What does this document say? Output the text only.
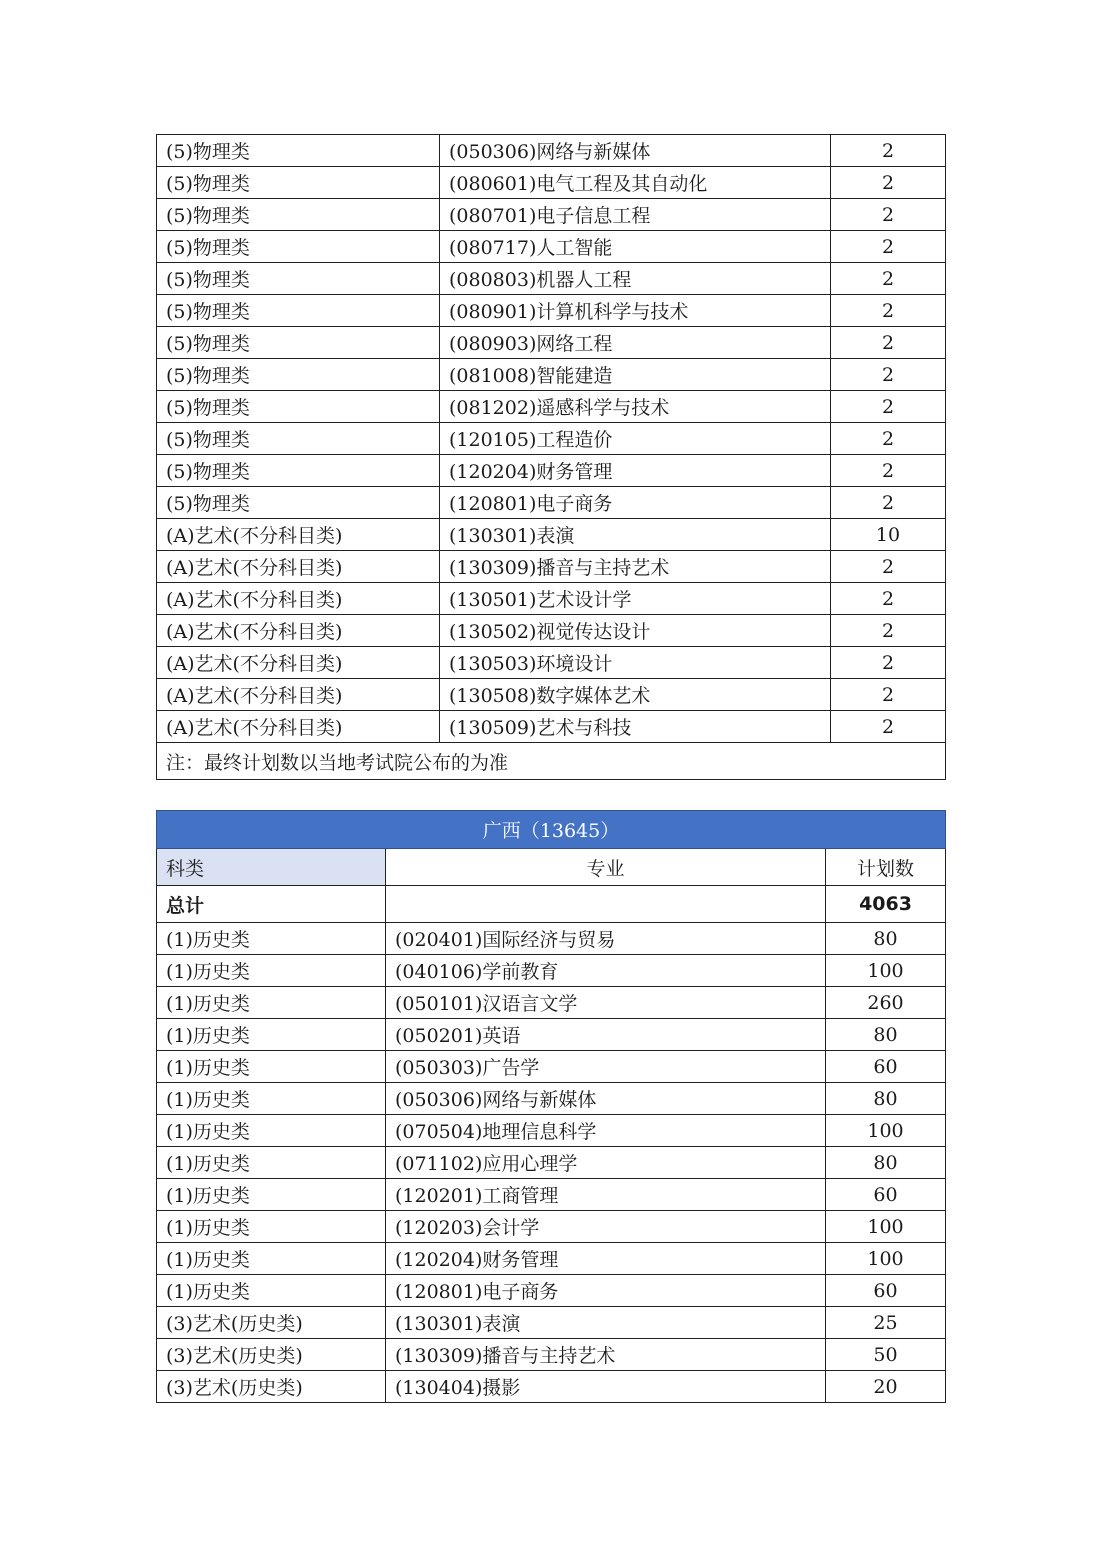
(5)物理类	(050306)网络与新媒体	2
(5)物理类	(080601)电气工程及其自动化	2
(5)物理类	(080701)电子信息工程	2
(5)物理类	(080717)人工智能	2
(5)物理类	(080803)机器人工程	2
(5)物理类	(080901)计算机科学与技术	2
(5)物理类	(080903)网络工程	2
(5)物理类	(081008)智能建造	2
(5)物理类	(081202)遥感科学与技术	2
(5)物理类	(120105)工程造价	2
(5)物理类	(120204)财务管理	2
(5)物理类	(120801)电子商务	2
(A)艺术(不分科目类)	(130301)表演	10
(A)艺术(不分科目类)	(130309)播音与主持艺术	2
(A)艺术(不分科目类)	(130501)艺术设计学	2
(A)艺术(不分科目类)	(130502)视觉传达设计	2
(A)艺术(不分科目类)	(130503)环境设计	2
(A)艺术(不分科目类)	(130508)数字媒体艺术	2
(A)艺术(不分科目类)	(130509)艺术与科技	2
注：最终计划数以当地考试院公布的为准		
广西（13645）		
科类	专业	计划数
总计		4063
(1)历史类	(020401)国际经济与贸易	80
(1)历史类	(040106)学前教育	100
(1)历史类	(050101)汉语言文学	260
(1)历史类	(050201)英语	80
(1)历史类	(050303)广告学	60
(1)历史类	(050306)网络与新媒体	80
(1)历史类	(070504)地理信息科学	100
(1)历史类	(071102)应用心理学	80
(1)历史类	(120201)工商管理	60
(1)历史类	(120203)会计学	100
(1)历史类	(120204)财务管理	100
(1)历史类	(120801)电子商务	60
(3)艺术(历史类)	(130301)表演	25
(3)艺术(历史类)	(130309)播音与主持艺术	50
(3)艺术(历史类)	(130404)摄影	20
